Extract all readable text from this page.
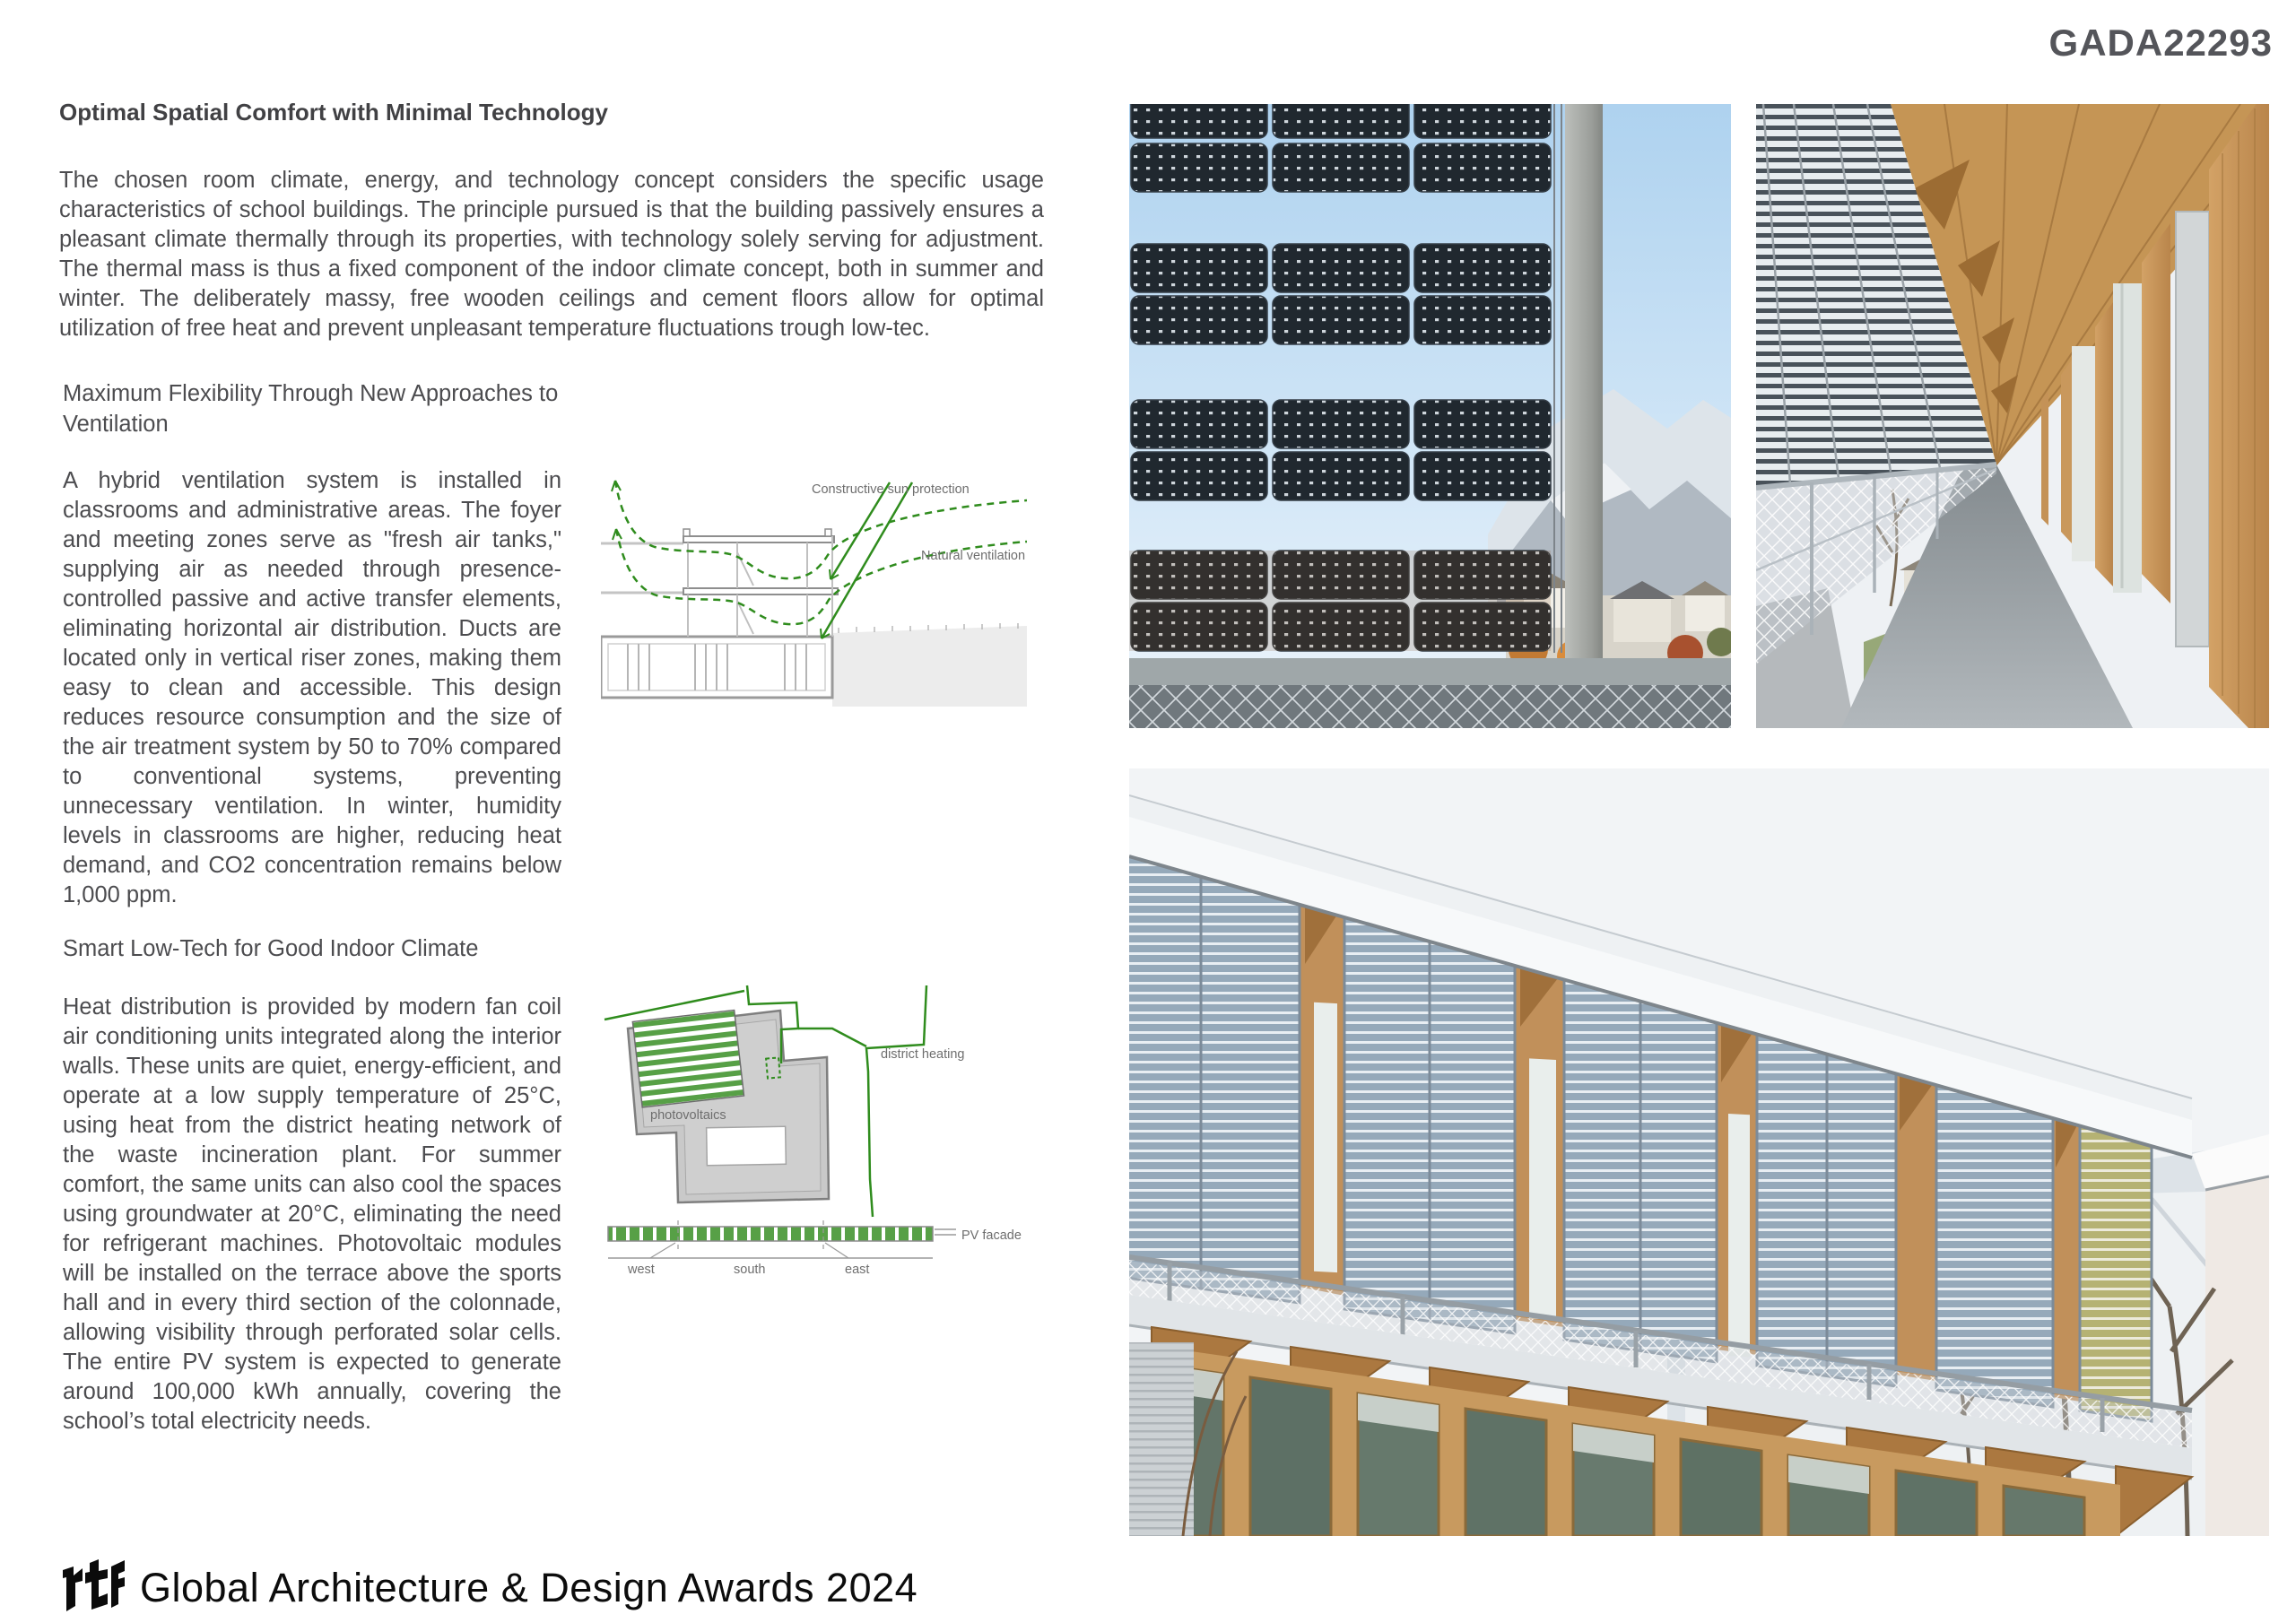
GADA22293
Optimal Spatial Comfort with Minimal Technology

The chosen room climate, energy, and technology concept considers the specific usage characteristics of school buildings. The principle pursued is that the building passively ensures a pleasant climate thermally through its properties, with technology solely serving for adjustment. The thermal mass is thus a fixed component of the indoor climate concept, both in summer and winter. The deliberately massy, free wooden ceilings and cement floors allow for optimal utilization of free heat and prevent unpleasant temperature fluctuations trough low-tec.

Maximum Flexibility Through New Approaches to Ventilation

A hybrid ventilation system is installed in classrooms and administrative areas. The foyer and meeting zones serve as "fresh air tanks," supplying air as needed through presence-controlled passive and active transfer elements, eliminating horizontal air distribution. Ducts are located only in vertical riser zones, making them easy to clean and accessible. This design reduces resource consumption and the size of the air treatment system by 50 to 70% compared to conventional systems, preventing unnecessary ventilation. In winter, humidity levels in classrooms are higher, reducing heat demand, and CO2 concentration remains below 1,000 ppm.

Smart Low-Tech for Good Indoor Climate

Heat distribution is provided by modern fan coil air conditioning units integrated along the interior walls. These units are quiet, energy-efficient, and operate at a low supply temperature of 25°C, using heat from the district heating network of the waste incineration plant. For summer comfort, the same units can also cool the spaces using groundwater at 20°C, eliminating the need for refrigerant machines. Photovoltaic modules will be installed on the terrace above the sports hall and in every third section of the colonnade, allowing visibility through perforated solar cells. The entire PV system is expected to generate around 100,000 kWh annually, covering the school’s total electricity needs.

Constructive sun protection
Natural ventilation
photovoltaics
district heating
west	south	east
PV facade
Global Architecture & Design Awards 2024
